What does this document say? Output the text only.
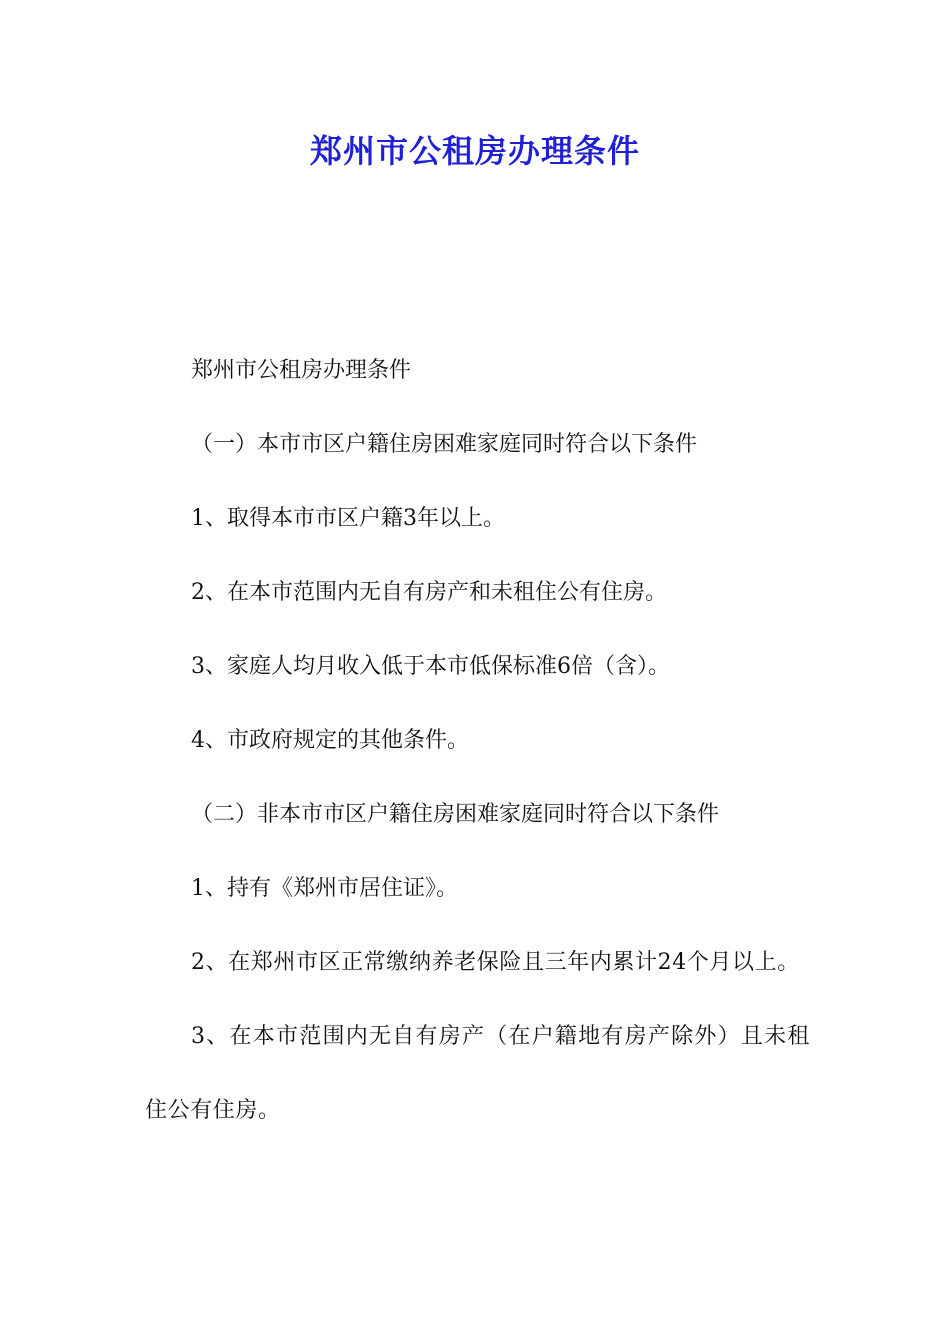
郑州市公租房办理条件

郑州市公租房办理条件

（一）本市市区户籍住房困难家庭同时符合以下条件

1、取得本市市区户籍3年以上。

2、在本市范围内无自有房产和未租住公有住房。

3、家庭人均月收入低于本市低保标准6倍（含）。

4、市政府规定的其他条件。

（二）非本市市区户籍住房困难家庭同时符合以下条件

1、持有《郑州市居住证》。

2、在郑州市区正常缴纳养老保险且三年内累计24个月以上。

3、在本市范围内无自有房产（在户籍地有房产除外）且未租住公有住房。
